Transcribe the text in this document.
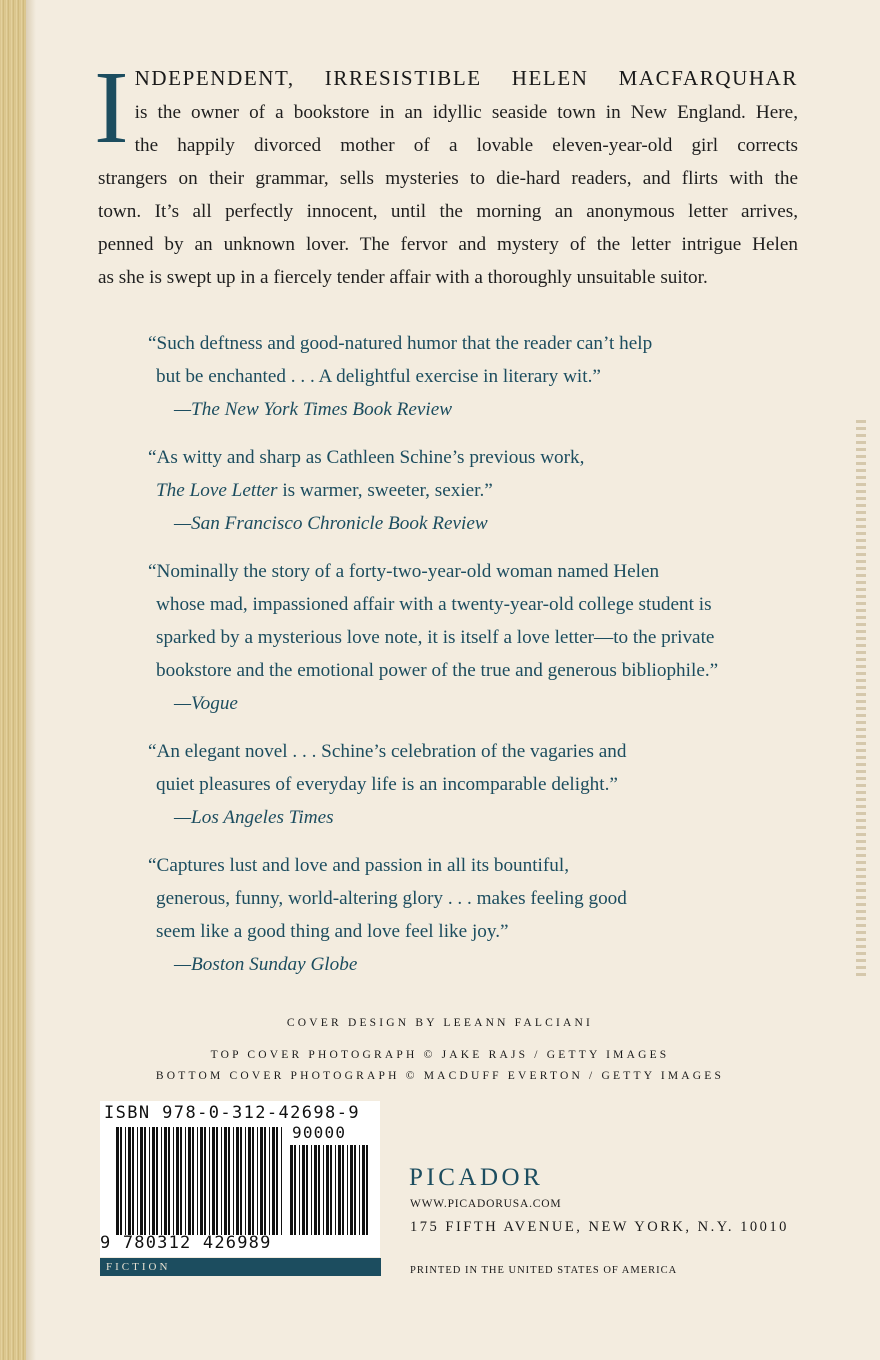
I NDEPENDENT, IRRESISTIBLE HELEN MACFARQUHAR
is the owner of a bookstore in an idyllic seaside town in New England. Here,
the happily divorced mother of a lovable eleven-year-old girl corrects
strangers on their grammar, sells mysteries to die-hard readers, and flirts with the
town. It’s all perfectly innocent, until the morning an anonymous letter arrives,
penned by an unknown lover. The fervor and mystery of the letter intrigue Helen
as she is swept up in a fiercely tender affair with a thoroughly unsuitable suitor.
“Such deftness and good-natured humor that the reader can’t help
but be enchanted . . . A delightful exercise in literary wit.”
—The New York Times Book Review
“As witty and sharp as Cathleen Schine’s previous work,
The Love Letter is warmer, sweeter, sexier.”
—San Francisco Chronicle Book Review
“Nominally the story of a forty-two-year-old woman named Helen
whose mad, impassioned affair with a twenty-year-old college student is
sparked by a mysterious love note, it is itself a love letter—to the private
bookstore and the emotional power of the true and generous bibliophile.”
—Vogue
“An elegant novel . . . Schine’s celebration of the vagaries and
quiet pleasures of everyday life is an incomparable delight.”
—Los Angeles Times
“Captures lust and love and passion in all its bountiful,
generous, funny, world-altering glory . . . makes feeling good
seem like a good thing and love feel like joy.”
—Boston Sunday Globe
COVER DESIGN BY LEEANN FALCIANI
TOP COVER PHOTOGRAPH © JAKE RAJS / GETTY IMAGES
BOTTOM COVER PHOTOGRAPH © MACDUFF EVERTON / GETTY IMAGES
ISBN 978-0-312-42698-9
90000
9 780312 426989
FICTION
PICADOR
WWW.PICADORUSA.COM
175 FIFTH AVENUE, NEW YORK, N.Y. 10010
PRINTED IN THE UNITED STATES OF AMERICA
